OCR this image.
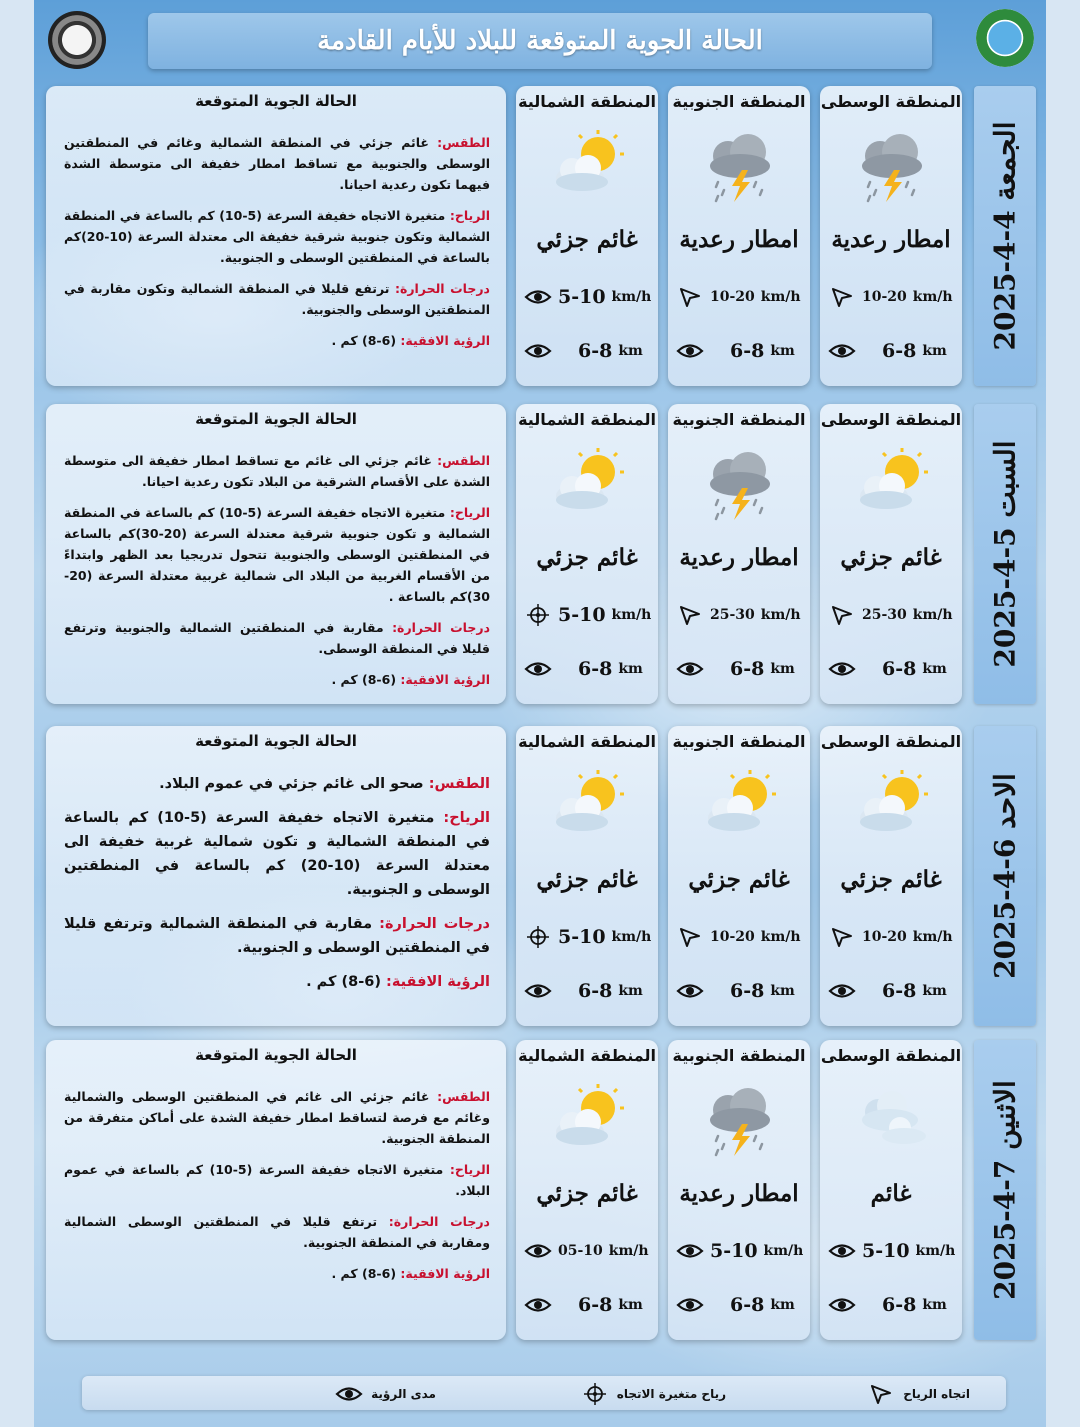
الحالة الجوية المتوقعة للبلاد للأيام القادمة
الجمعة 4-4-2025
المنطقة الوسطى
امطار رعدية
10-20 km/h
6-8 km
المنطقة الجنوبية
امطار رعدية
10-20 km/h
6-8 km
المنطقة الشمالية
غائم جزئي
5-10 km/h
6-8 km
الحالة الجوية المتوقعة

الطقس: غائم جزئي في المنطقة الشمالية وغائم في المنطقتين الوسطى والجنوبية مع تساقط امطار خفيفة الى متوسطة الشدة فيهما تكون رعدية احيانا.

الرياح: متغيرة الاتجاه خفيفة السرعة (5-10) كم بالساعة في المنطقة الشمالية وتكون جنوبية شرقية خفيفة الى معتدلة السرعة (10-20)كم بالساعة في المنطقتين الوسطى و الجنوبية.

درجات الحرارة: ترتفع قليلا في المنطقة الشمالية وتكون مقاربة في المنطقتين الوسطى والجنوبية.

الرؤية الافقية: (6-8) كم .

السبت 5-4-2025
المنطقة الوسطى
غائم جزئي
25-30 km/h
6-8 km
المنطقة الجنوبية
امطار رعدية
25-30 km/h
6-8 km
المنطقة الشمالية
غائم جزئي
5-10 km/h
6-8 km
الحالة الجوية المتوقعة

الطقس: غائم جزئي الى غائم مع تساقط امطار خفيفة الى متوسطة الشدة على الأقسام الشرقية من البلاد تكون رعدية احيانا.

الرياح: متغيرة الاتجاه خفيفة السرعة (5-10) كم بالساعة في المنطقة الشمالية و تكون جنوبية شرقية معتدلة السرعة (20-30)كم بالساعة في المنطقتين الوسطى والجنوبية تتحول تدريجيا بعد الظهر وابتداءً من الأقسام الغربية من البلاد الى شمالية غربية معتدلة السرعة (20-30)كم بالساعة .

درجات الحرارة: مقاربة في المنطقتين الشمالية والجنوبية وترتفع قليلا في المنطقة الوسطى.

الرؤية الافقية: (6-8) كم .

الاحد 6-4-2025
المنطقة الوسطى
غائم جزئي
10-20 km/h
6-8 km
المنطقة الجنوبية
غائم جزئي
10-20 km/h
6-8 km
المنطقة الشمالية
غائم جزئي
5-10 km/h
6-8 km
الحالة الجوية المتوقعة

الطقس: صحو الى غائم جزئي في عموم البلاد.

الرياح: متغيرة الاتجاه خفيفة السرعة (5-10) كم بالساعة في المنطقة الشمالية و تكون شمالية غربية خفيفة الى معتدلة السرعة (10-20) كم بالساعة في المنطقتين الوسطى و الجنوبية.

درجات الحرارة: مقاربة في المنطقة الشمالية وترتفع قليلا في المنطقتين الوسطى و الجنوبية.

الرؤية الافقية: (6-8) كم .

الاثنين 7-4-2025
المنطقة الوسطى
غائم
5-10 km/h
6-8 km
المنطقة الجنوبية
امطار رعدية
5-10 km/h
6-8 km
المنطقة الشمالية
غائم جزئي
05-10 km/h
6-8 km
الحالة الجوية المتوقعة

الطقس: غائم جزئي الى غائم في المنطقتين الوسطى والشمالية وغائم مع فرصة لتساقط امطار خفيفة الشدة على أماكن متفرقة من المنطقة الجنوبية.

الرياح: متغيرة الاتجاه خفيفة السرعة (5-10) كم بالساعة في عموم البلاد.

درجات الحرارة: ترتفع قليلا في المنطقتين الوسطى الشمالية ومقاربة في المنطقة الجنوبية.

الرؤية الافقية: (6-8) كم .

اتجاه الرياح
رياح متغيرة الاتجاه
مدى الرؤية
